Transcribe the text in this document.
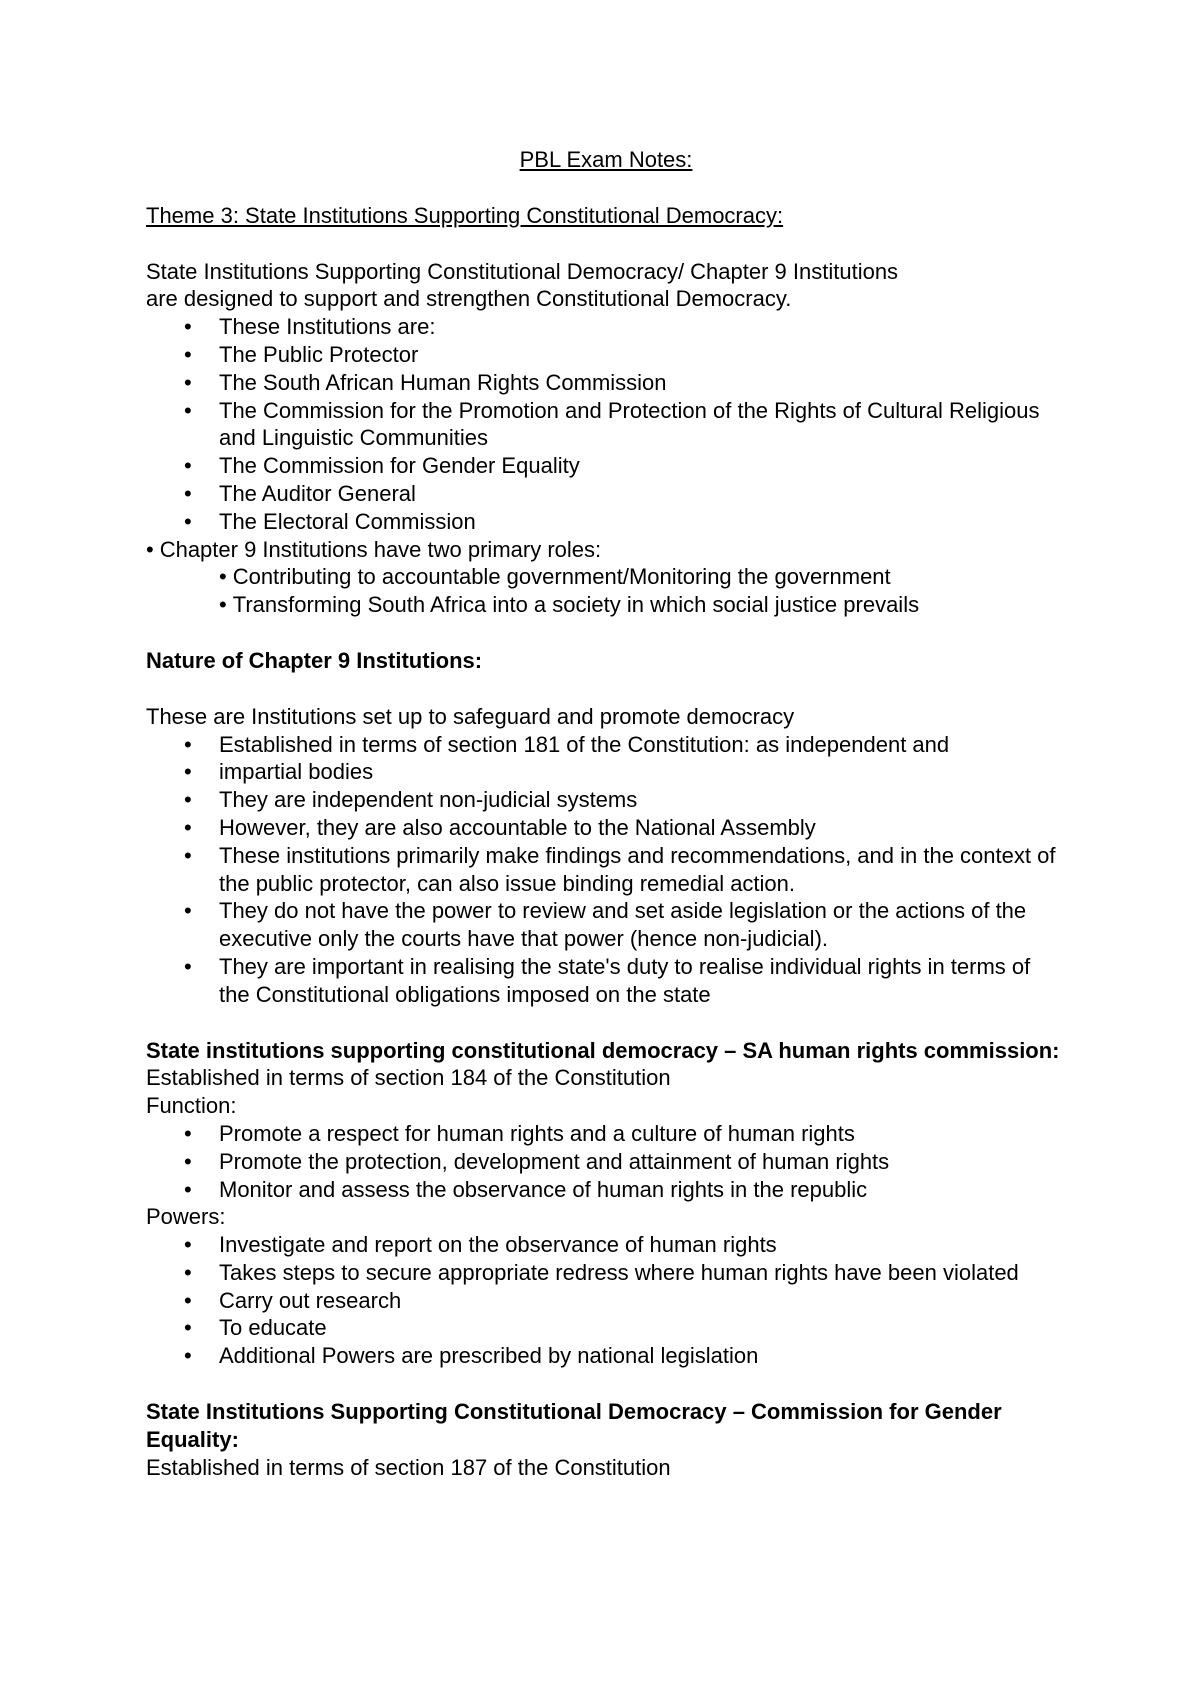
PBL Exam Notes:
Theme 3: State Institutions Supporting Constitutional Democracy:

State Institutions Supporting Constitutional Democracy/ Chapter 9 Institutions

are designed to support and strengthen Constitutional Democracy.

• These Institutions are:
• The Public Protector
• The South African Human Rights Commission
• The Commission for the Promotion and Protection of the Rights of Cultural Religious and Linguistic Communities
• The Commission for Gender Equality
• The Auditor General
• The Electoral Commission

• Chapter 9 Institutions have two primary roles:

• Contributing to accountable government/Monitoring the government

• Transforming South Africa into a society in which social justice prevails

Nature of Chapter 9 Institutions:

These are Institutions set up to safeguard and promote democracy

• Established in terms of section 181 of the Constitution: as independent and
• impartial bodies
• They are independent non-judicial systems
• However, they are also accountable to the National Assembly
• These institutions primarily make findings and recommendations, and in the context of the public protector, can also issue binding remedial action.
• They do not have the power to review and set aside legislation or the actions of the executive only the courts have that power (hence non-judicial).
• They are important in realising the state's duty to realise individual rights in terms of the Constitutional obligations imposed on the state
State institutions supporting constitutional democracy – SA human rights commission:

Established in terms of section 184 of the Constitution

Function:

• Promote a respect for human rights and a culture of human rights
• Promote the protection, development and attainment of human rights
• Monitor and assess the observance of human rights in the republic

Powers:

• Investigate and report on the observance of human rights
• Takes steps to secure appropriate redress where human rights have been violated
• Carry out research
• To educate
• Additional Powers are prescribed by national legislation
State Institutions Supporting Constitutional Democracy – Commission for Gender Equality:

Established in terms of section 187 of the Constitution
